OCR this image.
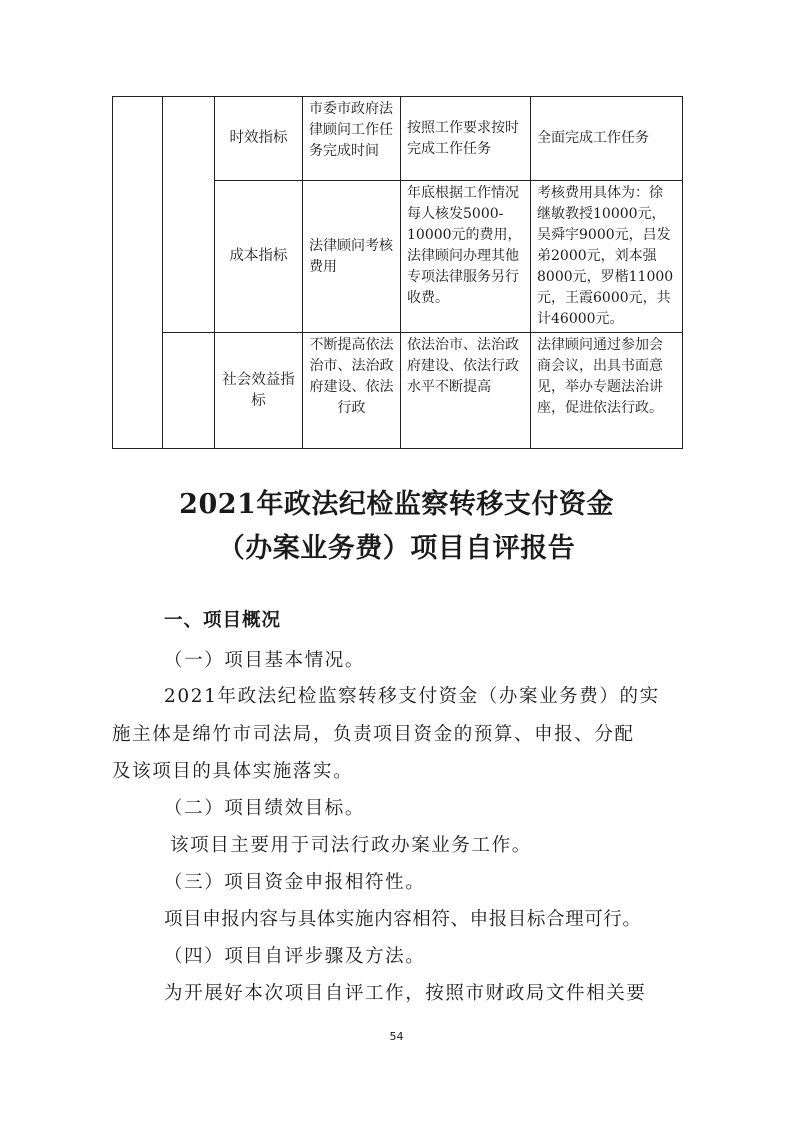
		时效指标	市委市政府法律顾问工作任务完成时间	按照工作要求按时完成工作任务	全面完成工作任务
		成本指标	法律顾问考核费用	年底根据工作情况每人核发5000-10000元的费用，法律顾问办理其他专项法律服务另行收费。	考核费用具体为：徐继敏教授10000元，吴舜宇9000元，吕发弟2000元，刘本强8000元，罗楷11000元，王霞6000元，共计46000元。
		社会效益指标	不断提高依法治市、法治政府建设、依法行政	依法治市、法治政府建设、依法行政水平不断提高	法律顾问通过参加会商会议，出具书面意见，举办专题法治讲座，促进依法行政。
2021年政法纪检监察转移支付资金
（办案业务费）项目自评报告
一、项目概况
（一）项目基本情况。
2021年政法纪检监察转移支付资金（办案业务费）的实
施主体是绵竹市司法局，负责项目资金的预算、申报、分配
及该项目的具体实施落实。
（二）项目绩效目标。
该项目主要用于司法行政办案业务工作。
（三）项目资金申报相符性。
项目申报内容与具体实施内容相符、申报目标合理可行。
（四）项目自评步骤及方法。
为开展好本次项目自评工作，按照市财政局文件相关要
54
